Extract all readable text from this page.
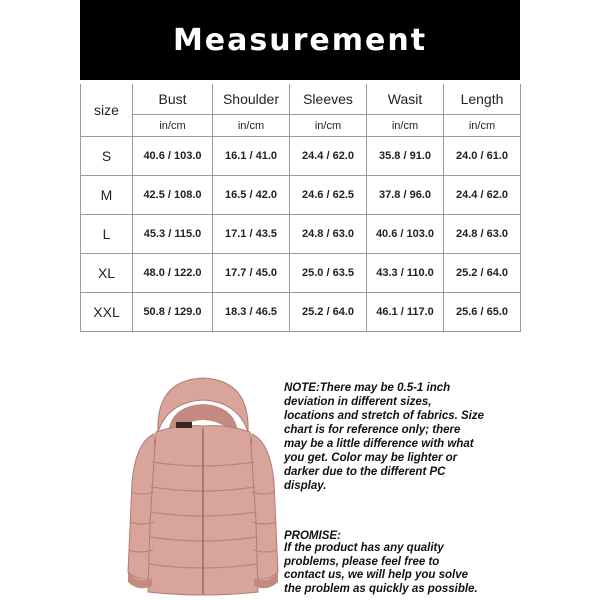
Measurement
size	Bust	Shoulder	Sleeves	Wasit	Length
	in/cm	in/cm	in/cm	in/cm	in/cm
S	40.6 / 103.0	16.1 / 41.0	24.4 / 62.0	35.8 / 91.0	24.0 / 61.0
M	42.5 / 108.0	16.5 / 42.0	24.6 / 62.5	37.8 / 96.0	24.4 / 62.0
L	45.3 / 115.0	17.1 / 43.5	24.8 / 63.0	40.6 / 103.0	24.8 / 63.0
XL	48.0 / 122.0	17.7 / 45.0	25.0 / 63.5	43.3 / 110.0	25.2 / 64.0
XXL	50.8 / 129.0	18.3 / 46.5	25.2 / 64.0	46.1 / 117.0	25.6 / 65.0
NOTE:There may be 0.5-1 inch
deviation in different sizes,
locations and stretch of fabrics. Size
chart is for reference only; there
may be a little difference with what
you get. Color may be lighter or
darker due to the different PC
display.
PROMISE:
If the product has any quality
problems, please feel free to
contact us, we will help you solve
the problem as quickly as possible.
